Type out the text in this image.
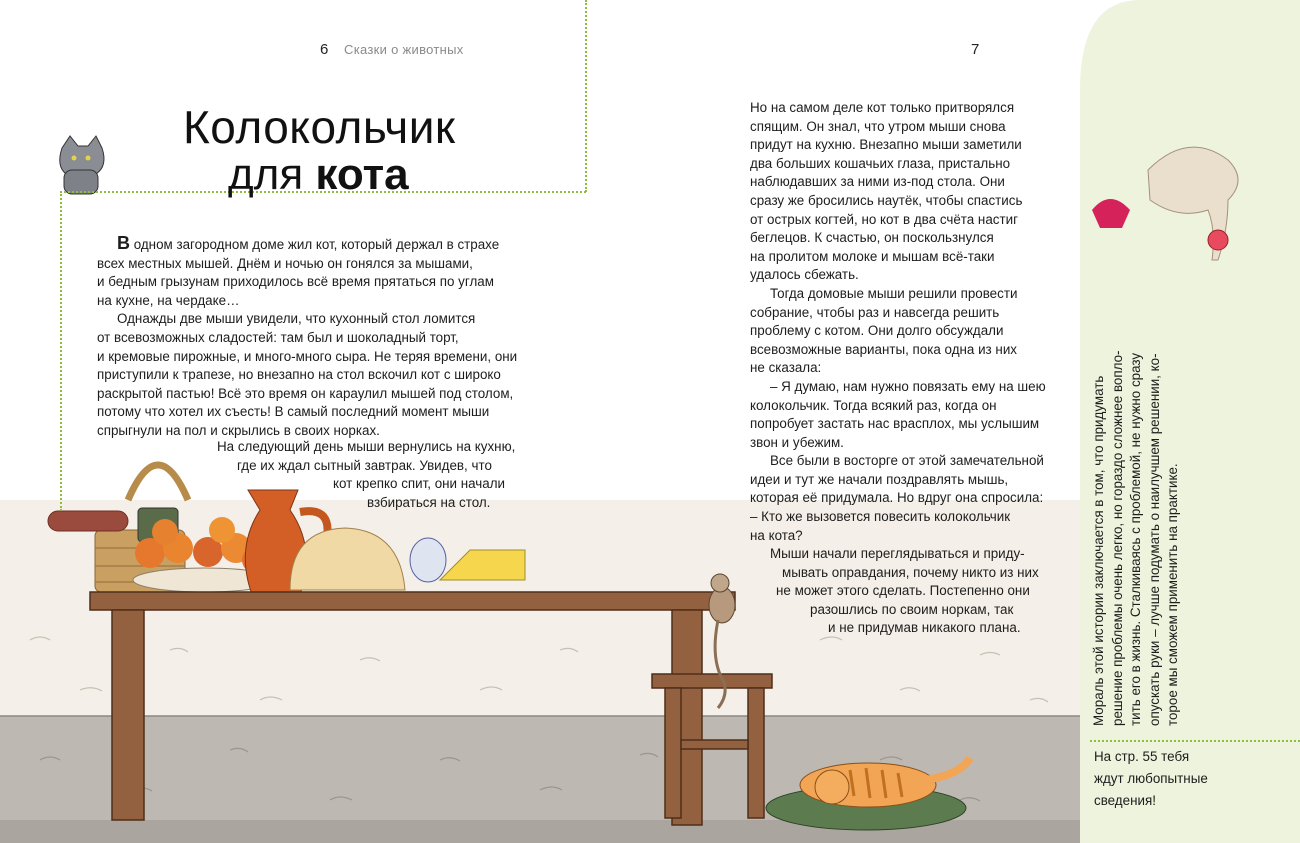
6 Сказки о животных	7
Колокольчик
для кота

В одном загородном доме жил кот, который держал в страхе

всех местных мышей. Днём и ночью он гонялся за мышами,

и бедным грызунам приходилось всё время прятаться по углам

на кухне, на чердаке…

Однажды две мыши увидели, что кухонный стол ломится

от всевозможных сладостей: там был и шоколадный торт,

и кремовые пирожные, и много-много сыра. Не теряя времени, они

приступили к трапезе, но внезапно на стол вскочил кот с широко

раскрытой пастью! Всё это время он караулил мышей под столом,

потому что хотел их съесть! В самый последний момент мыши

спрыгнули на пол и скрылись в своих норках.

На следующий день мыши вернулись на кухню,

где их ждал сытный завтрак. Увидев, что

кот крепко спит, они начали

взбираться на стол.

Но на самом деле кот только притворялся

спящим. Он знал, что утром мыши снова

придут на кухню. Внезапно мыши заметили

два больших кошачьих глаза, пристально

наблюдавших за ними из-под стола. Они

сразу же бросились наутёк, чтобы спастись

от острых когтей, но кот в два счёта настиг

беглецов. К счастью, он поскользнулся

на пролитом молоке и мышам всё-таки

удалось сбежать.

Тогда домовые мыши решили провести

собрание, чтобы раз и навсегда решить

проблему с котом. Они долго обсуждали

всевозможные варианты, пока одна из них

не сказала:

– Я думаю, нам нужно повязать ему на шею

колокольчик. Тогда всякий раз, когда он

попробует застать нас врасплох, мы услышим

звон и убежим.

Все были в восторге от этой замечательной

идеи и тут же начали поздравлять мышь,

которая её придумала. Но вдруг она спросила:

– Кто же вызовется повесить колокольчик

на кота?

Мыши начали переглядываться и приду-

мывать оправдания, почему никто из них

не может этого сделать. Постепенно они

разошлись по своим норкам, так

и не придумав никакого плана.	Мораль этой истории заключается в том, что придумать решение проблемы очень легко, но гораздо сложнее вопло- тить его в жизнь. Сталкиваясь с проблемой, не нужно сразу опускать руки – лучше подумать о наилучшем решении, ко- торое мы сможем применить на практике.

На стр. 55 тебя

ждут любопытные

сведения!
